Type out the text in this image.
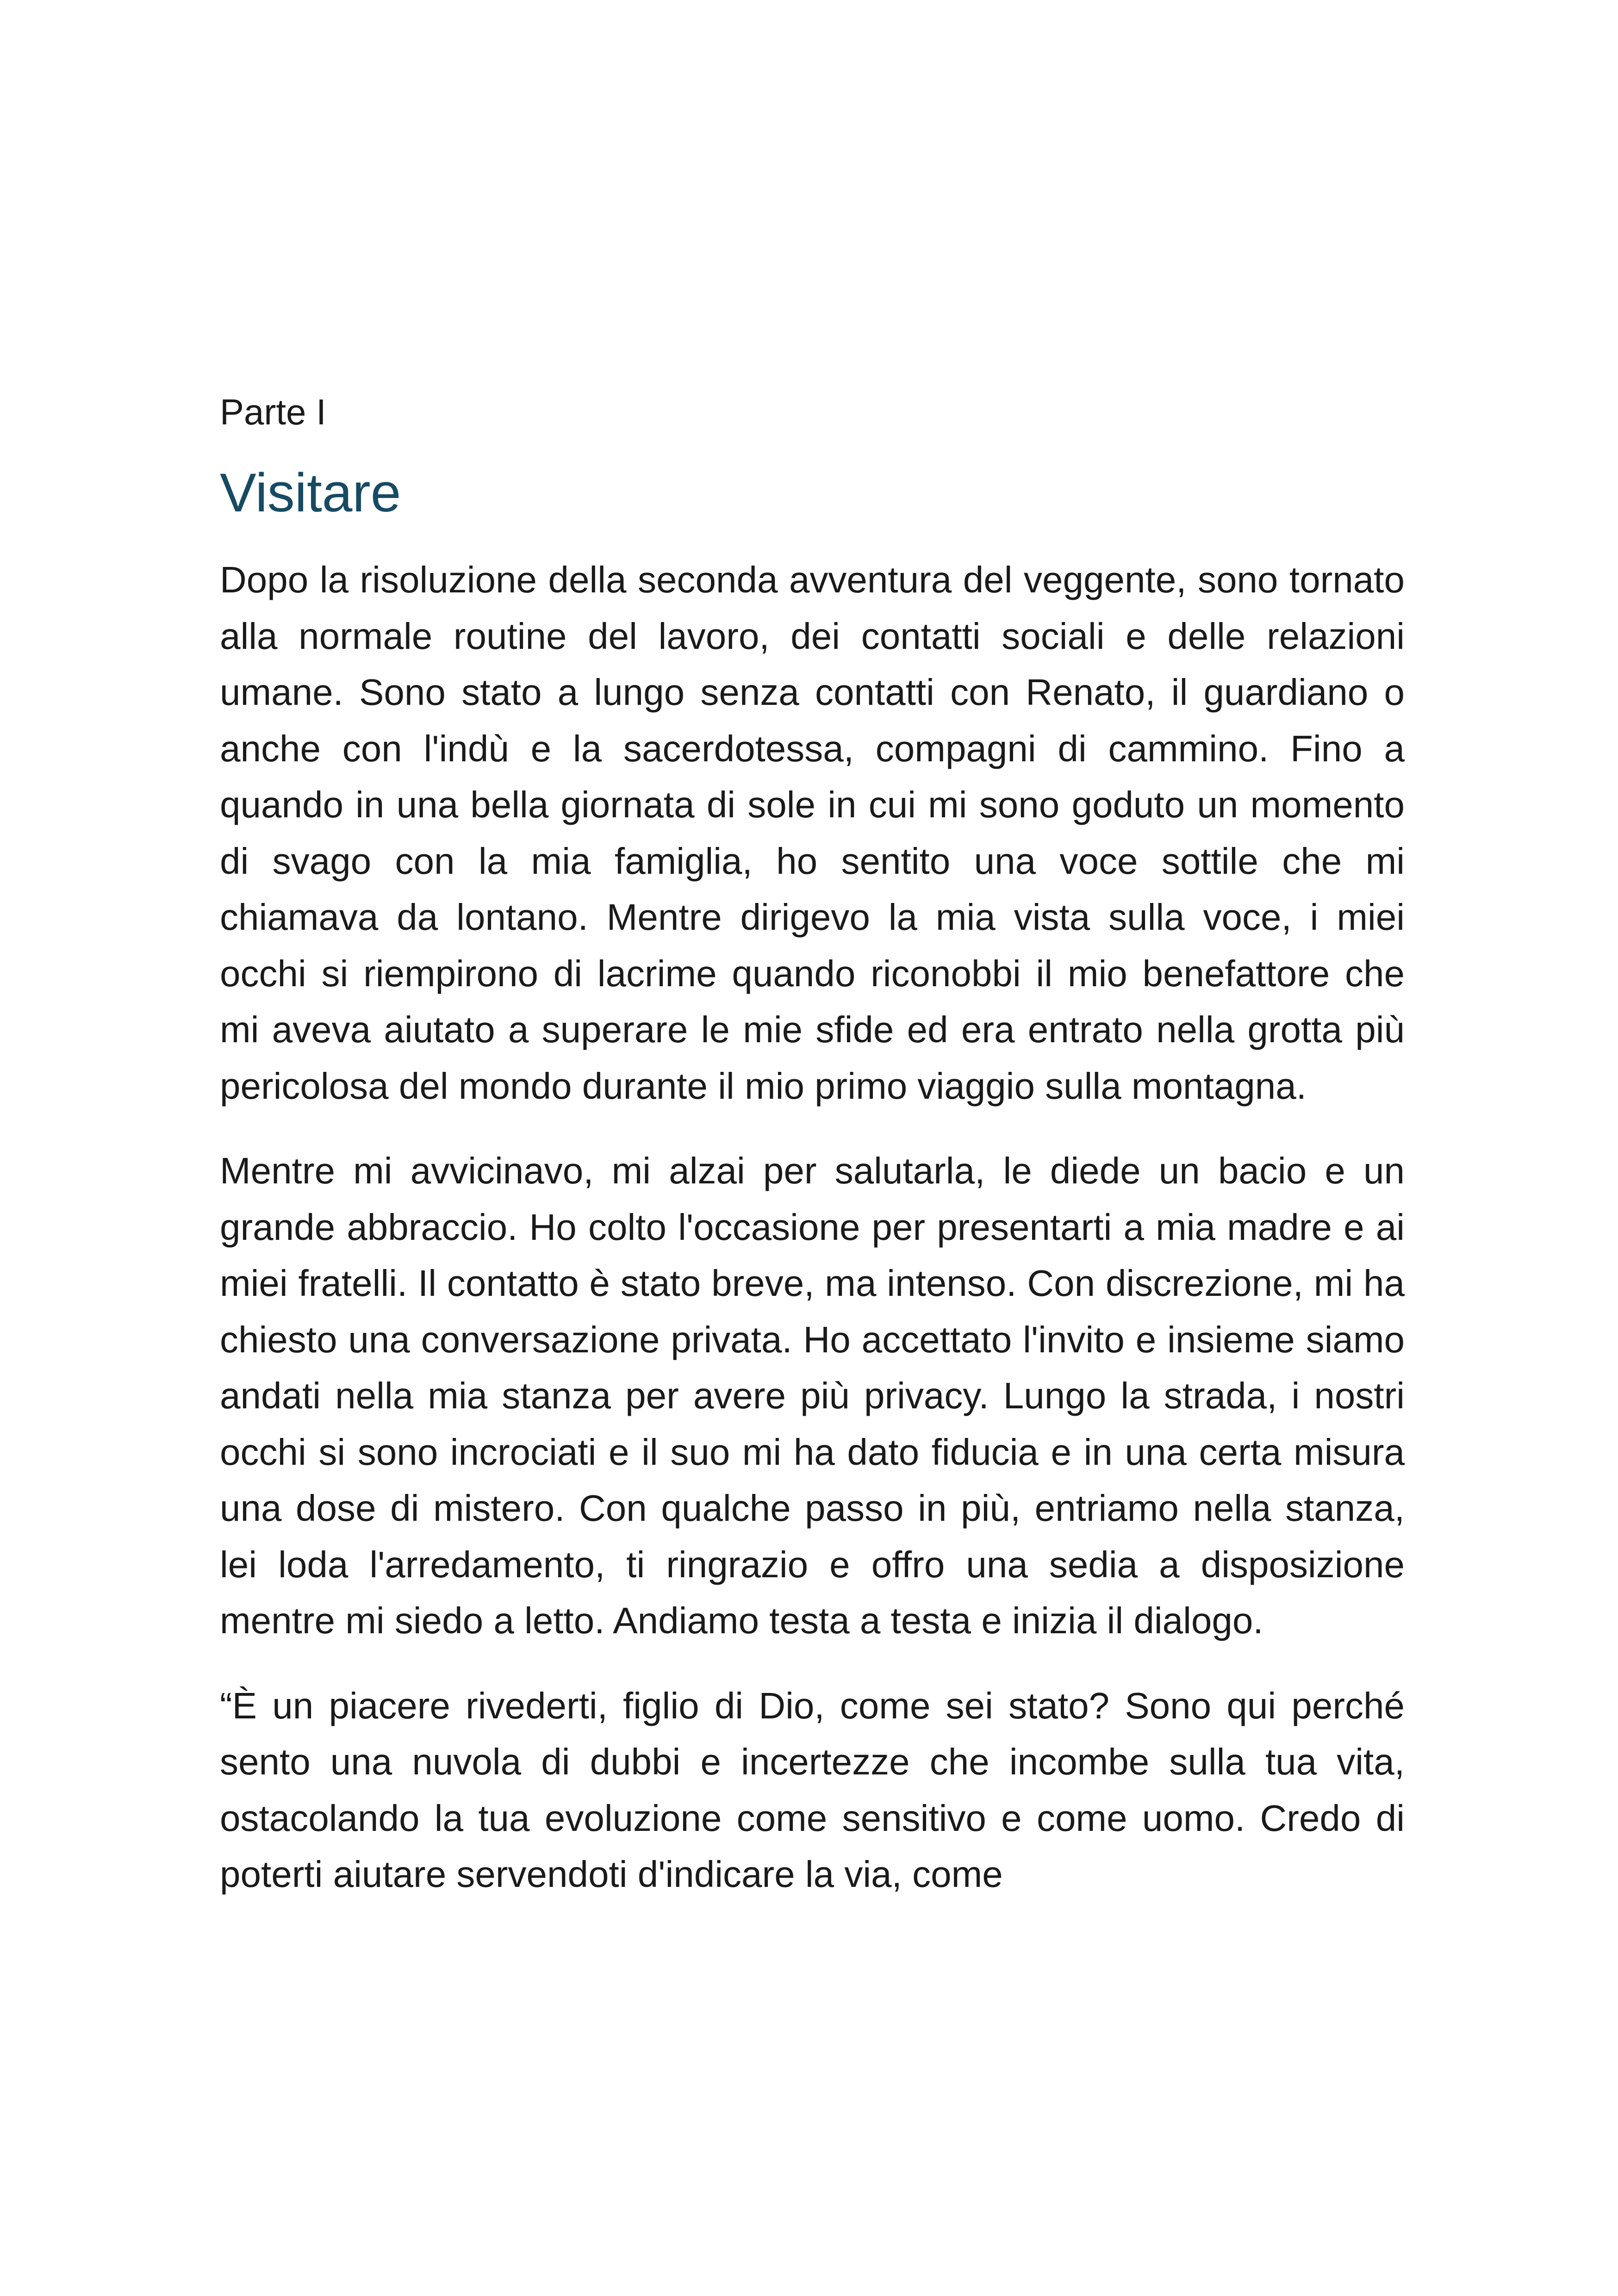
Parte I
Visitare

Dopo la risoluzione della seconda avventura del veggente, sono tornato alla normale routine del lavoro, dei contatti sociali e delle relazioni umane. Sono stato a lungo senza contatti con Renato, il guardiano o anche con l'indù e la sacerdotessa, compagni di cammino. Fino a quando in una bella giornata di sole in cui mi sono goduto un momento di svago con la mia famiglia, ho sentito una voce sottile che mi chiamava da lontano. Mentre dirigevo la mia vista sulla voce, i miei occhi si riempirono di lacrime quando riconobbi il mio benefattore che mi aveva aiutato a superare le mie sfide ed era entrato nella grotta più pericolosa del mondo durante il mio primo viaggio sulla montagna.

Mentre mi avvicinavo, mi alzai per salutarla, le diede un bacio e un grande abbraccio. Ho colto l'occasione per presentarti a mia madre e ai miei fratelli. Il contatto è stato breve, ma intenso. Con discrezione, mi ha chiesto una conversazione privata. Ho accettato l'invito e insieme siamo andati nella mia stanza per avere più privacy. Lungo la strada, i nostri occhi si sono incrociati e il suo mi ha dato fiducia e in una certa misura una dose di mistero. Con qualche passo in più, entriamo nella stanza, lei loda l'arredamento, ti ringrazio e offro una sedia a disposizione mentre mi siedo a letto. Andiamo testa a testa e inizia il dialogo.

“È un piacere rivederti, figlio di Dio, come sei stato? Sono qui perché sento una nuvola di dubbi e incertezze che incombe sulla tua vita, ostacolando la tua evoluzione come sensitivo e come uomo. Credo di poterti aiutare servendoti d'indicare la via, come
